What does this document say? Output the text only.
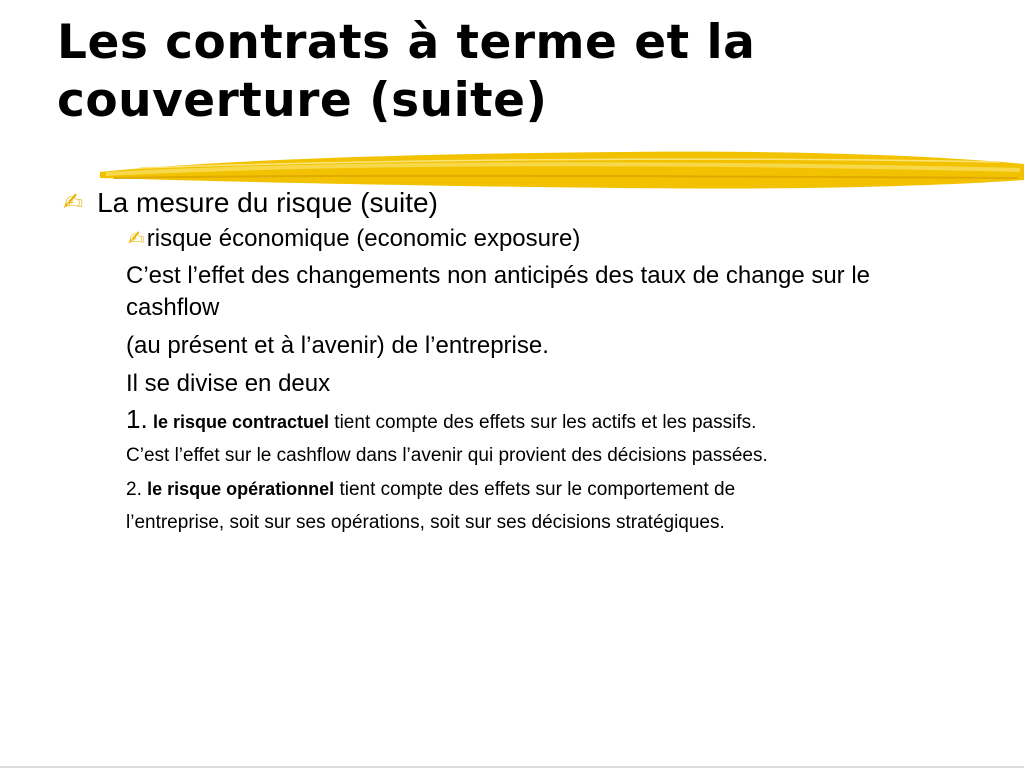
Les contrats à terme et la
couverture (suite)
✍ La mesure du risque (suite)
✍risque économique (economic exposure)

C’est l’effet des changements non anticipés des taux de change sur le cashflow

(au présent et à l’avenir) de l’entreprise.

Il se divise en deux

1. le risque contractuel tient compte des effets sur les actifs et les passifs.

C’est l’effet sur le cashflow dans l’avenir qui provient des décisions passées.

2. le risque opérationnel tient compte des effets sur le comportement de

l’entreprise, soit sur ses opérations, soit sur ses décisions stratégiques.
